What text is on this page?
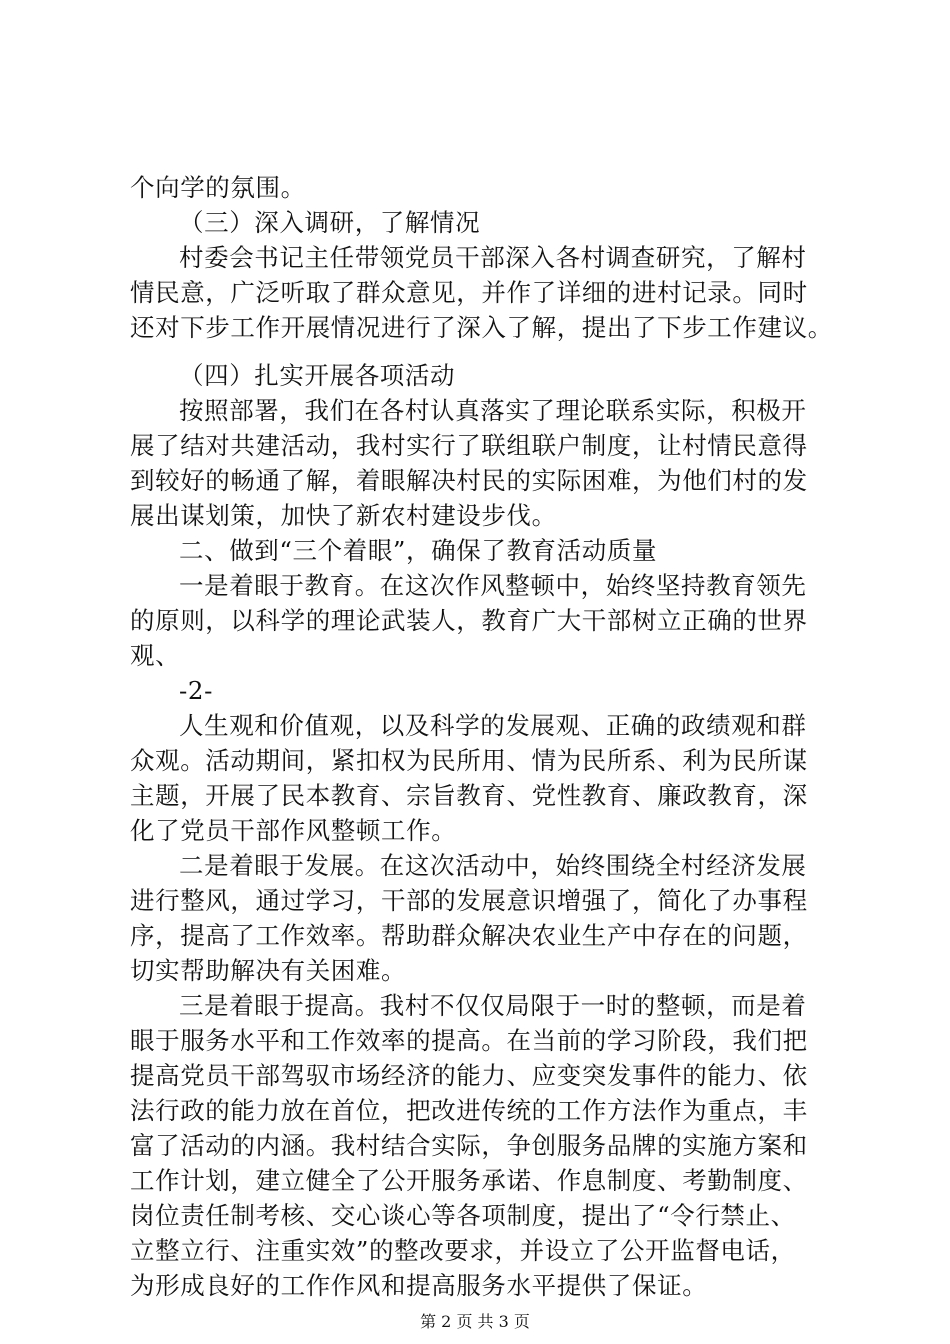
个向学的氛围。
（三）深入调研，了解情况
村委会书记主任带领党员干部深入各村调查研究，了解村
情民意，广泛听取了群众意见，并作了详细的进村记录。同时
还对下步工作开展情况进行了深入了解，提出了下步工作建议。
（四）扎实开展各项活动
按照部署，我们在各村认真落实了理论联系实际，积极开
展了结对共建活动，我村实行了联组联户制度，让村情民意得
到较好的畅通了解，着眼解决村民的实际困难，为他们村的发
展出谋划策，加快了新农村建设步伐。
二、做到“三个着眼”，确保了教育活动质量
一是着眼于教育。在这次作风整顿中，始终坚持教育领先
的原则，以科学的理论武装人，教育广大干部树立正确的世界
观、
-2-
人生观和价值观，以及科学的发展观、正确的政绩观和群
众观。活动期间，紧扣权为民所用、情为民所系、利为民所谋
主题，开展了民本教育、宗旨教育、党性教育、廉政教育，深
化了党员干部作风整顿工作。
二是着眼于发展。在这次活动中，始终围绕全村经济发展
进行整风，通过学习，干部的发展意识增强了，简化了办事程
序，提高了工作效率。帮助群众解决农业生产中存在的问题，
切实帮助解决有关困难。
三是着眼于提高。我村不仅仅局限于一时的整顿，而是着
眼于服务水平和工作效率的提高。在当前的学习阶段，我们把
提高党员干部驾驭市场经济的能力、应变突发事件的能力、依
法行政的能力放在首位，把改进传统的工作方法作为重点，丰
富了活动的内涵。我村结合实际，争创服务品牌的实施方案和
工作计划，建立健全了公开服务承诺、作息制度、考勤制度、
岗位责任制考核、交心谈心等各项制度，提出了“令行禁止、
立整立行、注重实效”的整改要求，并设立了公开监督电话，
为形成良好的工作作风和提高服务水平提供了保证。
第 2 页 共 3 页
